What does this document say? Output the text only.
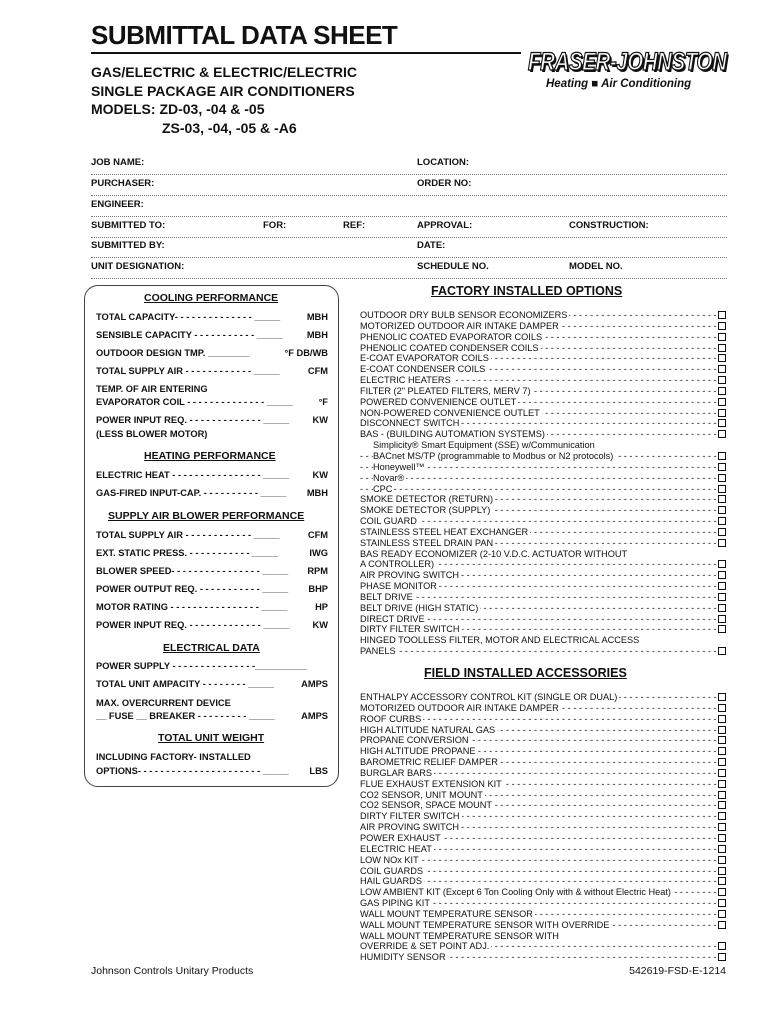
SUBMITTAL DATA SHEET
FRASER-JOHNSTON
Heating ■ Air Conditioning
GAS/ELECTRIC & ELECTRIC/ELECTRIC
SINGLE PACKAGE AIR CONDITIONERS
MODELS: ZD-03, -04 & -05
ZS-03, -04, -05 & -A6
JOB NAME:	LOCATION:
PURCHASER:	ORDER NO:
ENGINEER:
SUBMITTED TO:	FOR:	REF:	APPROVAL:	CONSTRUCTION:
SUBMITTED BY:	DATE:
UNIT DESIGNATION:	SCHEDULE NO.	MODEL NO.
COOLING PERFORMANCE
TOTAL CAPACITY- - - - - - - - - - - - - - _____	MBH
SENSIBLE CAPACITY - - - - - - - - - - - _____	MBH
OUTDOOR DESIGN TMP. ________	°F DB/WB
TOTAL SUPPLY AIR - - - - - - - - - - - - _____	CFM
TEMP. OF AIR ENTERING
EVAPORATOR COIL - - - - - - - - - - - - - - _____	°F
POWER INPUT REQ. - - - - - - - - - - - - - _____	KW
(LESS BLOWER MOTOR)
HEATING PERFORMANCE
ELECTRIC HEAT - - - - - - - - - - - - - - - - _____	KW
GAS-FIRED INPUT-CAP. - - - - - - - - - - _____ MBH
SUPPLY AIR BLOWER PERFORMANCE
TOTAL SUPPLY AIR - - - - - - - - - - - - _____	CFM
EXT. STATIC PRESS. - - - - - - - - - - - _____	IWG
BLOWER SPEED- - - - - - - - - - - - - - - - _____ RPM
POWER OUTPUT REQ. - - - - - - - - - - - _____ BHP
MOTOR RATING - - - - - - - - - - - - - - - - _____	HP
POWER INPUT REQ. - - - - - - - - - - - - - _____	KW
ELECTRICAL DATA
POWER SUPPLY - - - - - - - - - - - - - - -__________
TOTAL UNIT AMPACITY - - - - - - - - _____	AMPS
MAX. OVERCURRENT DEVICE
__ FUSE __ BREAKER - - - - - - - - - _____	AMPS
TOTAL UNIT WEIGHT
INCLUDING FACTORY- INSTALLED
OPTIONS- - - - - - - - - - - - - - - - - - - - - - _____ LBS
FACTORY INSTALLED OPTIONS
- - - OUTDOOR DRY BULB SENSOR ECONOMIZERS
- - - MOTORIZED OUTDOOR AIR INTAKE DAMPER
- - - PHENOLIC COATED EVAPORATOR COILS
- - - PHENOLIC COATED CONDENSER COILS
- - - E-COAT EVAPORATOR COILS
- - - E-COAT CONDENSER COILS
- - - ELECTRIC HEATERS
- - - FILTER (2" PLEATED FILTERS, MERV 7)
- - - POWERED CONVENIENCE OUTLET
- - - NON-POWERED CONVENIENCE OUTLET
- - - DISCONNECT SWITCH
- - - BAS - (BUILDING AUTOMATION SYSTEMS)
Simplicity® Smart Equipment (SSE) w/Communication
- - - BACnet MS/TP (programmable to Modbus or N2 protocols)
- - - Honeywell™
- - - Novar®
- - - CPC
- - - SMOKE DETECTOR (RETURN)
- - - SMOKE DETECTOR (SUPPLY)
- - - COIL GUARD
- - - STAINLESS STEEL HEAT EXCHANGER
- - - STAINLESS STEEL DRAIN PAN
BAS READY ECONOMIZER (2-10 V.D.C. ACTUATOR WITHOUT
- - - A CONTROLLER)
- - - AIR PROVING SWITCH
- - - PHASE MONITOR
- - - BELT DRIVE
- - - BELT DRIVE (HIGH STATIC)
- - - DIRECT DRIVE
- - - DIRTY FILTER SWITCH
HINGED TOOLLESS FILTER, MOTOR AND ELECTRICAL ACCESS
- - - PANELS
FIELD INSTALLED ACCESSORIES
- - - ENTHALPY ACCESSORY CONTROL KIT (SINGLE OR DUAL)
- - - MOTORIZED OUTDOOR AIR INTAKE DAMPER
- - - ROOF CURBS
- - - HIGH ALTITUDE NATURAL GAS
- - - PROPANE CONVERSION
- - - HIGH ALTITUDE PROPANE
- - - BAROMETRIC RELIEF DAMPER
- - - BURGLAR BARS
- - - FLUE EXHAUST EXTENSION KIT
- - - CO2 SENSOR, UNIT MOUNT
- - - CO2 SENSOR, SPACE MOUNT
- - - DIRTY FILTER SWITCH
- - - AIR PROVING SWITCH
- - - POWER EXHAUST
- - - ELECTRIC HEAT
- - - LOW NOx KIT
- - - COIL GUARDS
- - - HAIL GUARDS
- - - LOW AMBIENT KIT (Except 6 Ton Cooling Only with & without Electric Heat)
- - - GAS PIPING KIT
- - - WALL MOUNT TEMPERATURE SENSOR
- - - WALL MOUNT TEMPERATURE SENSOR WITH OVERRIDE
WALL MOUNT TEMPERATURE SENSOR WITH
- - - OVERRIDE & SET POINT ADJ.
- - - HUMIDITY SENSOR
Johnson Controls Unitary Products	542619-FSD-E-1214
